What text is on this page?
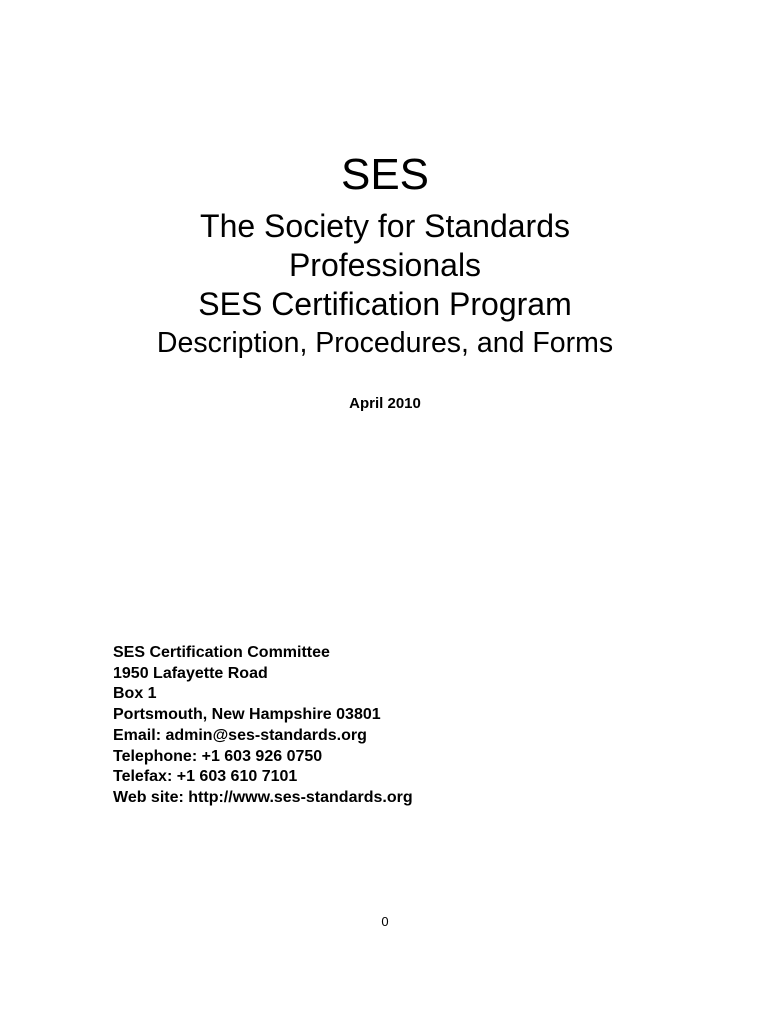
SES
The Society for Standards
Professionals
SES Certification Program
Description, Procedures, and Forms
April 2010
SES Certification Committee
1950 Lafayette Road
Box 1
Portsmouth, New Hampshire 03801
Email: admin@ses-standards.org
Telephone: +1 603 926 0750
Telefax: +1 603 610 7101
Web site: http://www.ses-standards.org
0
